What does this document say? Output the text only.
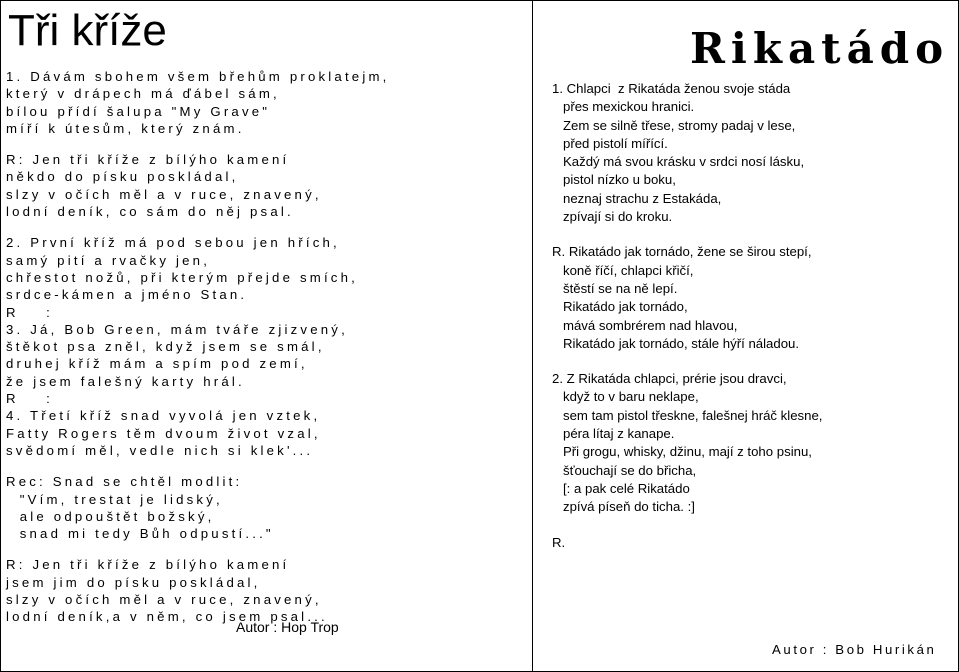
Tři kříže
1. Dávám sbohem všem břehům proklatejm,
který v drápech má ďábel sám,
bílou přídí šalupa "My Grave"
míří k útesům, který znám.
R: Jen tři kříže z bílýho kamení
někdo do písku poskládal,
slzy v očích měl a v ruce, znavený,
lodní deník, co sám do něj psal.
2. První kříž má pod sebou jen hřích,
samý pití a rvačky jen,
chřestot nožů, při kterým přejde smích,
srdce-kámen a jméno Stan.
R    :
3. Já, Bob Green, mám tváře zjizvený,
štěkot psa zněl, když jsem se smál,
druhej kříž mám a spím pod zemí,
že jsem falešný karty hrál.
R    :
4. Třetí kříž snad vyvolá jen vztek,
Fatty Rogers těm dvoum život vzal,
svědomí měl, vedle nich si klek'...
Rec: Snad se chtěl modlit:
"Vím, trestat je lidský,
ale odpouštět božský,
snad mi tedy Bůh odpustí..."
R: Jen tři kříže z bílýho kamení
jsem jim do písku poskládal,
slzy v očích měl a v ruce, znavený,
lodní deník,a v něm, co jsem psal...
Autor : Hop Trop
Rikatádo
1. Chlapci  z Rikatáda ženou svoje stáda
přes mexickou hranici.
Zem se silně třese, stromy padaj v lese,
před pistolí mířící.
Každý má svou krásku v srdci nosí lásku,
pistol nízko u boku,
neznaj strachu z Estakáda,
zpívají si do kroku.
R. Rikatádo jak tornádo, žene se širou stepí,
koně říčí, chlapci křičí,
štěstí se na ně lepí.
Rikatádo jak tornádo,
mává sombrérem nad hlavou,
Rikatádo jak tornádo, stále hýří náladou.
2. Z Rikatáda chlapci, prérie jsou dravci,
když to v baru neklape,
sem tam pistol třeskne, falešnej hráč klesne,
péra lítaj z kanape.
Při grogu, whisky, džinu, mají z toho psinu,
šťouchají se do břicha,
[: a pak celé Rikatádo
zpívá píseň do ticha. :]
R.
Autor : Bob Hurikán
